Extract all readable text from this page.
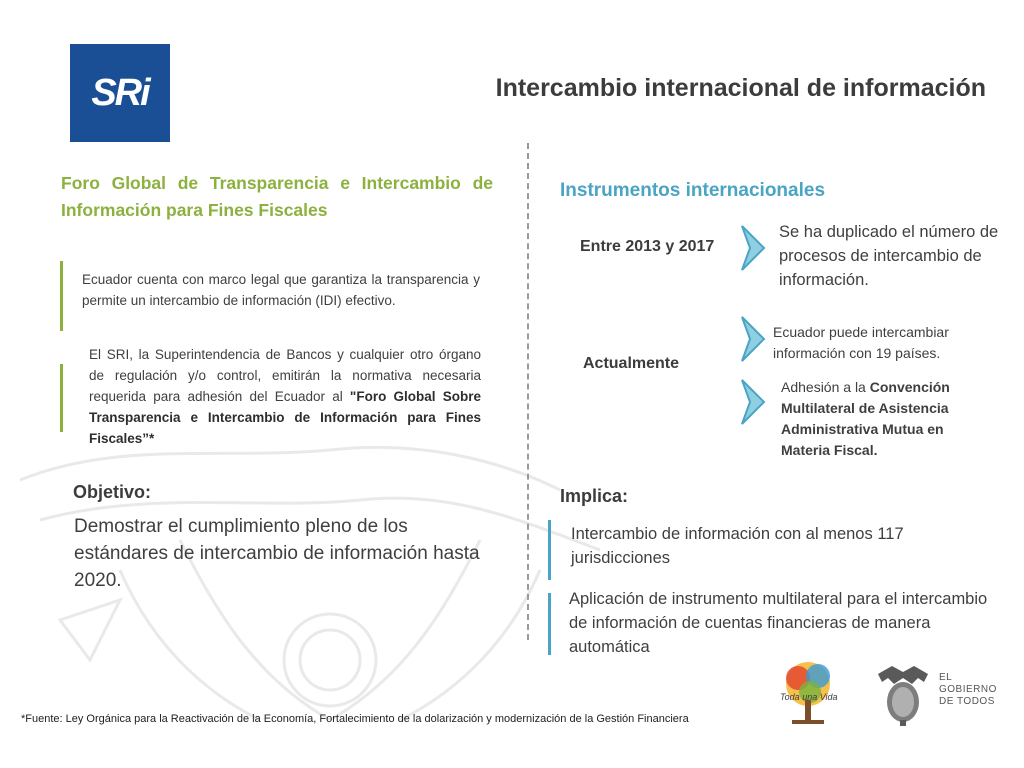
SRi	Intercambio internacional de información
Foro Global de Transparencia e Intercambio de Información para Fines Fiscales
Ecuador cuenta con marco legal que garantiza la transparencia y permite un intercambio de información (IDI) efectivo.
El SRI, la Superintendencia de Bancos y cualquier otro órgano de regulación y/o control, emitirán la normativa necesaria requerida para adhesión del Ecuador al "Foro Global Sobre Transparencia e Intercambio de Información para Fines Fiscales”*
Objetivo:
Demostrar el cumplimiento pleno de los estándares de intercambio de información hasta 2020.
Instrumentos internacionales
Entre 2013 y 2017
Se ha duplicado el número de procesos de intercambio de información.
Actualmente
Ecuador puede intercambiar información con 19 países.
Adhesión a la Convención Multilateral de Asistencia Administrativa Mutua en Materia Fiscal.
Implica:
Intercambio de información con al menos 117 jurisdicciones
Aplicación de instrumento multilateral para el intercambio de información de cuentas financieras de manera automática
*Fuente: Ley Orgánica para la Reactivación de la Economía, Fortalecimiento de la dolarización y modernización de la Gestión Financiera
Toda una Vida
EL GOBIERNO DE TODOS
